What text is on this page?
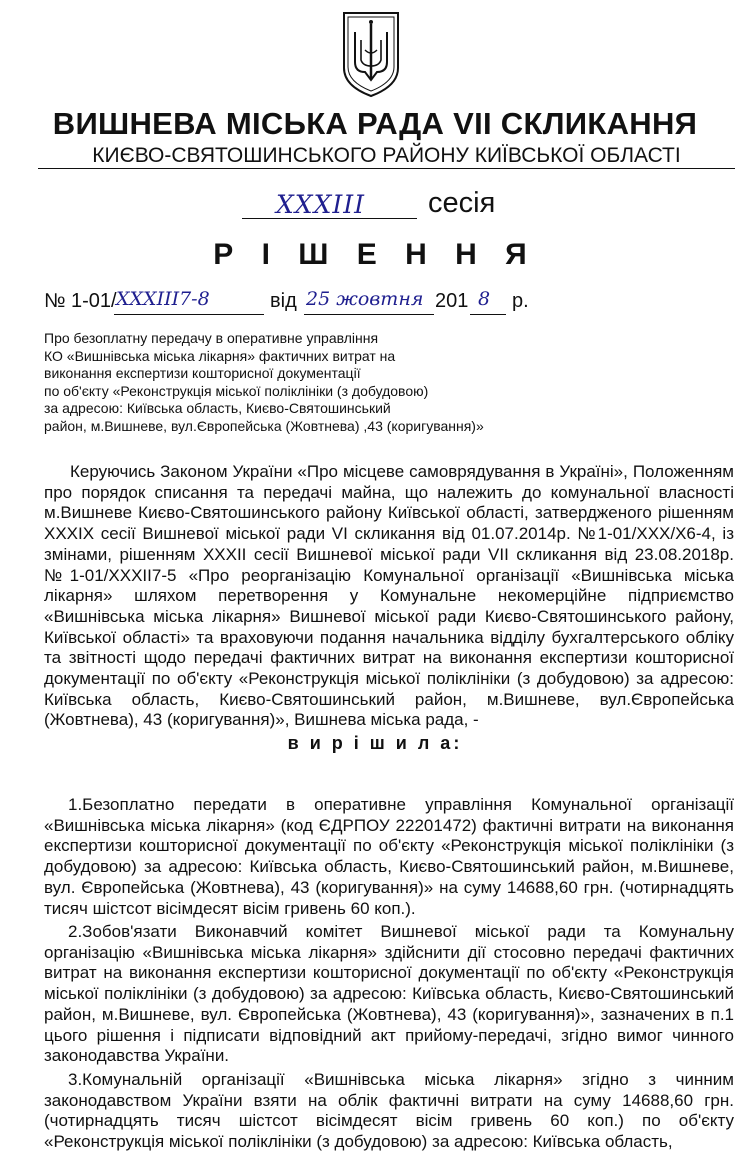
ВИШНЕВА МІСЬКА РАДА VII СКЛИКАННЯ
КИЄВО-СВЯТОШИНСЬКОГО РАЙОНУ КИЇВСЬКОЇ ОБЛАСТІ
XXXIII сесія
Р І Ш Е Н Н Я
№ 1-01/ XXXIII7-8	від 25 жовтня 201 8 р.
Про безоплатну передачу в оперативне управління
КО «Вишнівська міська лікарня» фактичних витрат на
виконання експертизи кошторисної документації
по об'єкту «Реконструкція міської поліклініки (з добудовою)
за адресою: Київська область, Києво-Святошинський
район, м.Вишневе, вул.Європейська (Жовтнева) ,43 (коригування)»
Керуючись Законом України «Про місцеве самоврядування в Україні», Положенням про порядок списання та передачі майна, що належить до комунальної власності м.Вишневе Києво-Святошинського району Київської області, затвердженого рішенням XXXIX сесії Вишневої міської ради VI скликання від 01.07.2014р. №1-01/XXX/X6-4, із змінами, рішенням XXXII сесії Вишневої міської ради VII скликання від 23.08.2018р. №1-01/XXXII7-5 «Про реорганізацію Комунальної організації «Вишнівська міська лікарня» шляхом перетворення у Комунальне некомерційне підприємство «Вишнівська міська лікарня» Вишневої міської ради Києво-Святошинського району, Київської області» та враховуючи подання начальника відділу бухгалтерського обліку та звітності щодо передачі фактичних витрат на виконання експертизи кошторисної документації по об'єкту «Реконструкція міської поліклініки (з добудовою) за адресою: Київська область, Києво-Святошинський район, м.Вишневе, вул.Європейська (Жовтнева), 43 (коригування)», Вишнева міська рада, -
в и р і ш и л а:
1.Безоплатно передати в оперативне управління Комунальної організації «Вишнівська міська лікарня» (код ЄДРПОУ 22201472) фактичні витрати на виконання експертизи кошторисної документації по об'єкту «Реконструкція міської поліклініки (з добудовою) за адресою: Київська область, Києво-Святошинський район, м.Вишневе, вул. Європейська (Жовтнева), 43 (коригування)» на суму 14688,60 грн. (чотирнадцять тисяч шістсот вісімдесят вісім гривень 60 коп.).
2.Зобов'язати Виконавчий комітет Вишневої міської ради та Комунальну організацію «Вишнівська міська лікарня» здійснити дії стосовно передачі фактичних витрат на виконання експертизи кошторисної документації по об'єкту «Реконструкція міської поліклініки (з добудовою) за адресою: Київська область, Києво-Святошинський район, м.Вишневе, вул. Європейська (Жовтнева), 43 (коригування)», зазначених в п.1 цього рішення і підписати відповідний акт прийому-передачі, згідно вимог чинного законодавства України.
3.Комунальній організації «Вишнівська міська лікарня» згідно з чинним законодавством України взяти на облік фактичні витрати на суму 14688,60 грн. (чотирнадцять тисяч шістсот вісімдесят вісім гривень 60 коп.) по об'єкту «Реконструкція міської поліклініки (з добудовою) за адресою: Київська область,
